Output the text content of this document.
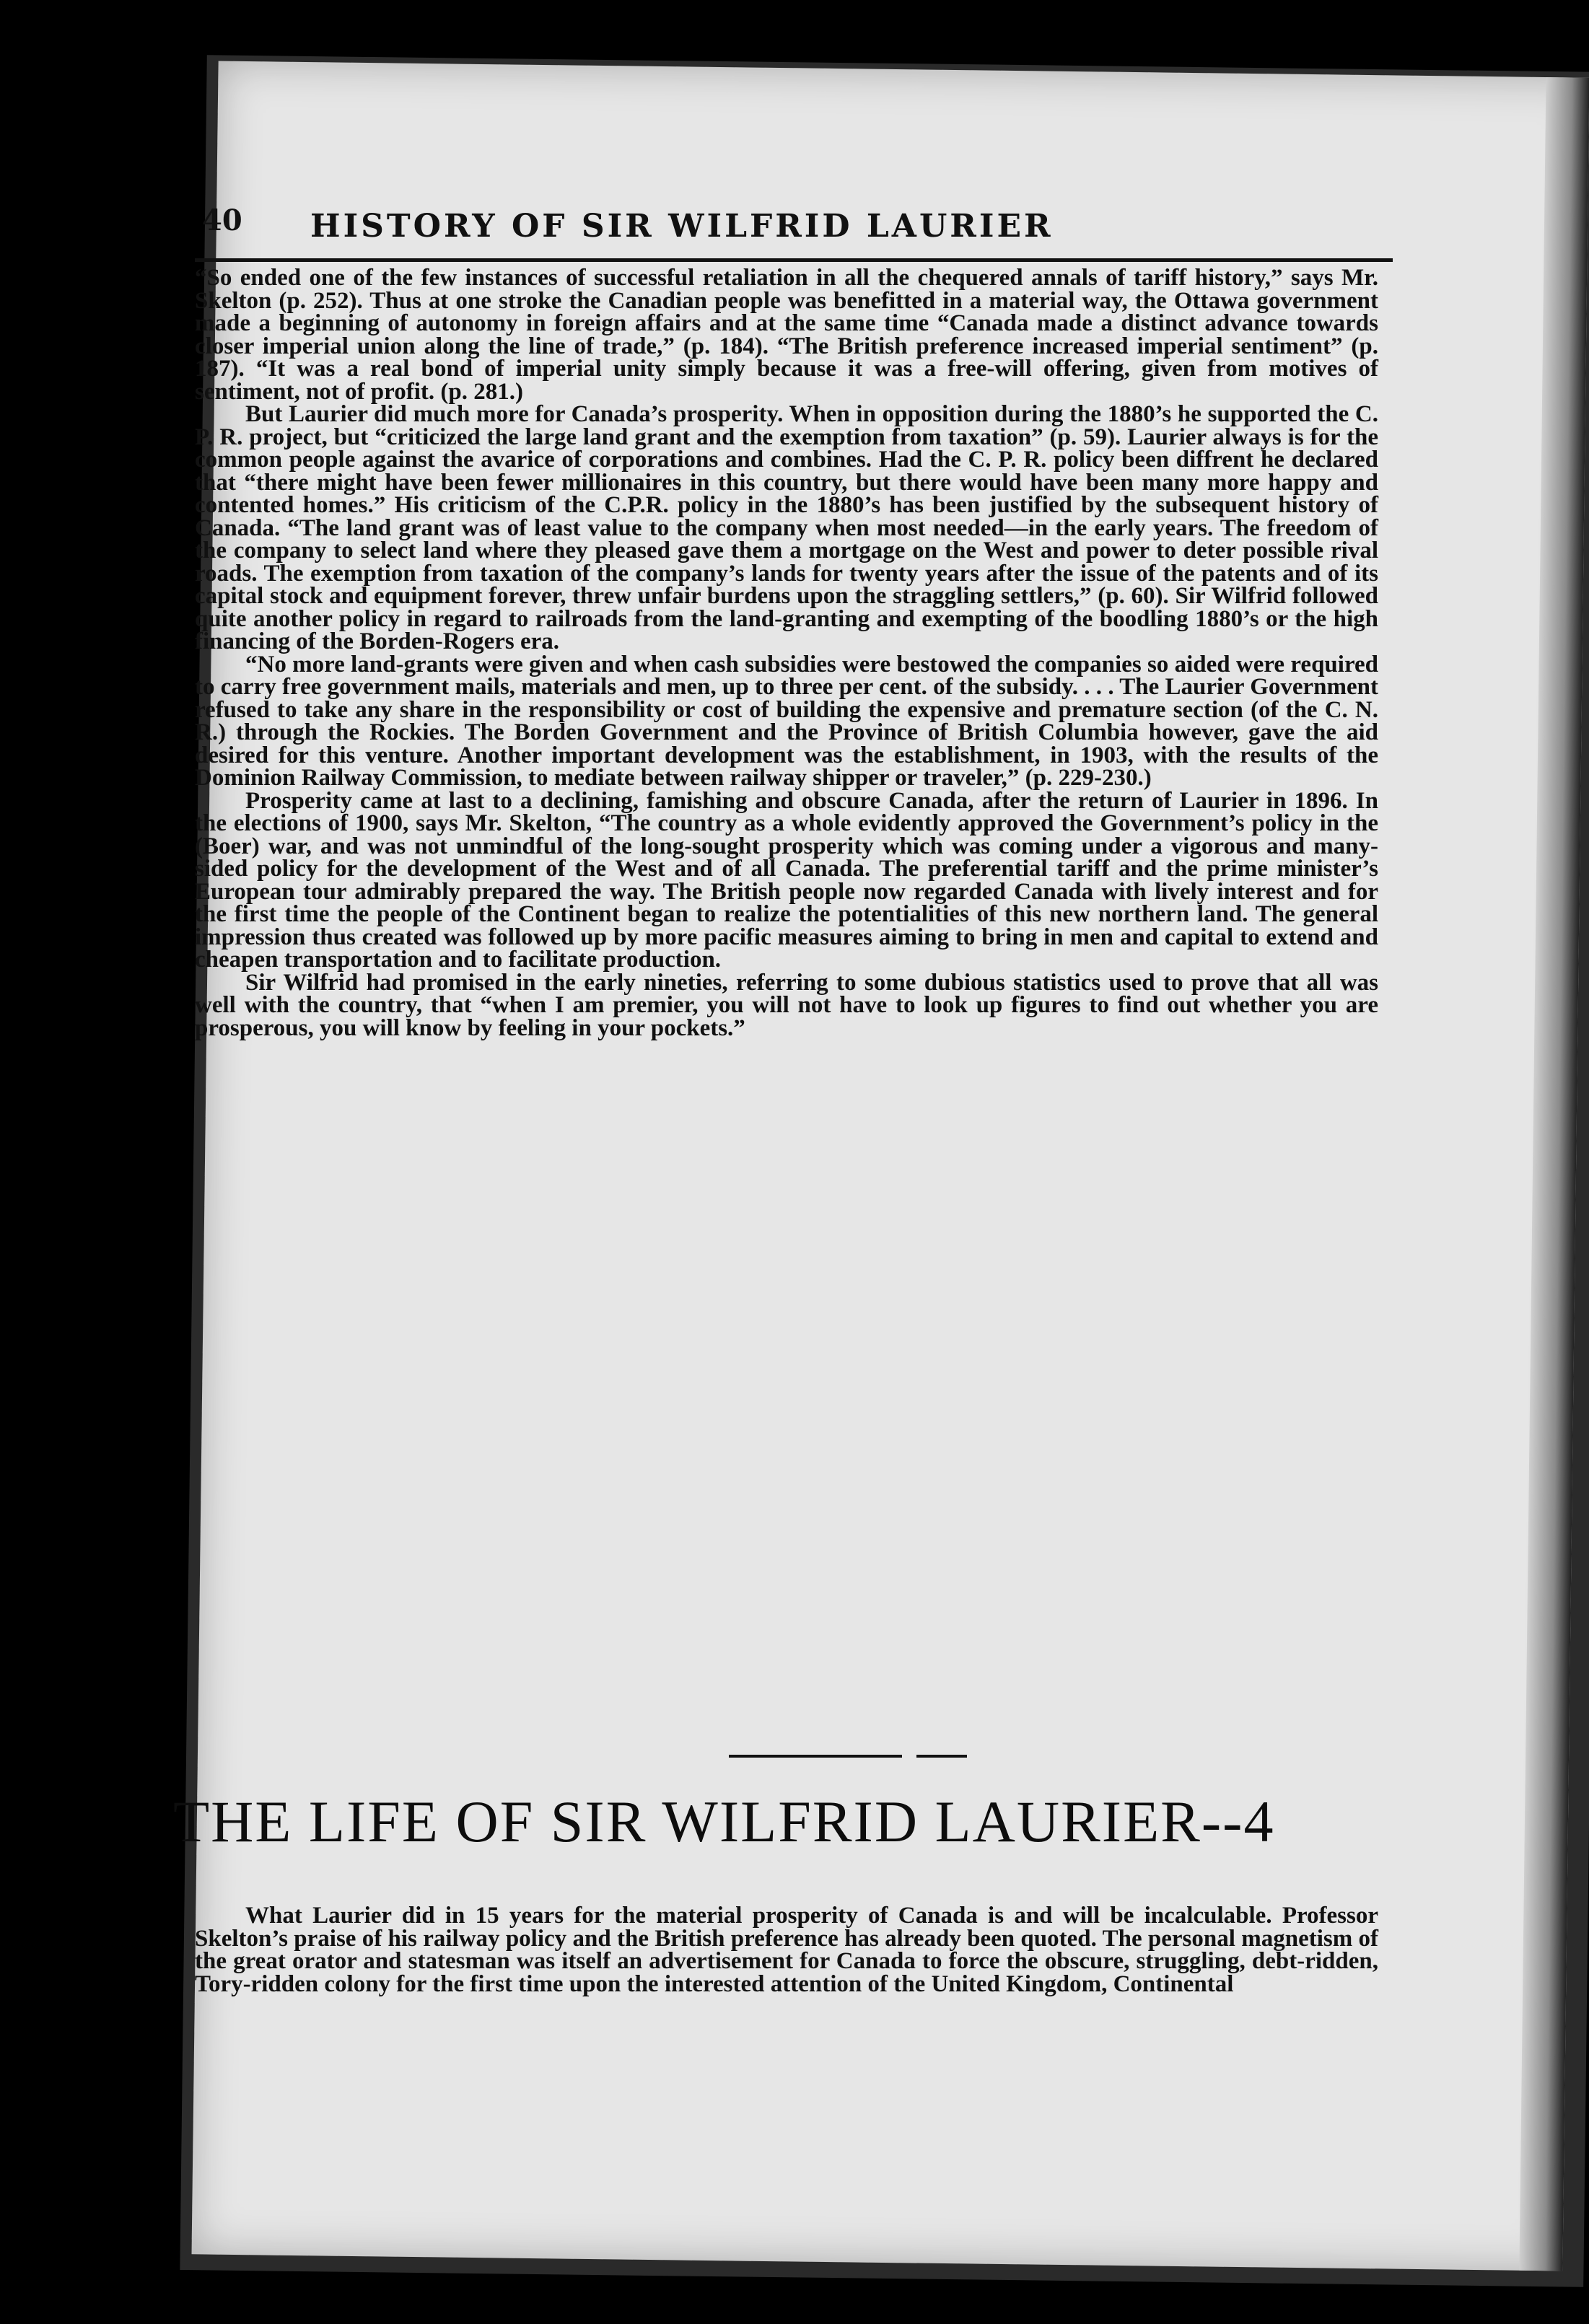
40 HISTORY OF SIR WILFRID LAURIER

“So ended one of the few instances of successful retaliation in all the chequered annals of tariff history,” says Mr. Skelton (p. 252). Thus at one stroke the Canadian people was benefitted in a material way, the Ottawa government made a beginning of autonomy in foreign affairs and at the same time “Canada made a distinct advance towards closer imperial union along the line of trade,” (p. 184). “The British preference increased imperial sentiment” (p. 187). “It was a real bond of imperial unity simply because it was a free-will offering, given from motives of sentiment, not of profit. (p. 281.)

But Laurier did much more for Canada’s prosperity. When in opposition during the 1880’s he supported the C. P. R. project, but “criticized the large land grant and the exemption from taxation” (p. 59). Laurier always is for the common people against the avarice of corporations and combines. Had the C. P. R. policy been diffrent he declared that “there might have been fewer millionaires in this country, but there would have been many more happy and contented homes.” His criticism of the C.P.R. policy in the 1880’s has been justified by the subsequent history of Canada. “The land grant was of least value to the company when most needed—in the early years. The freedom of the company to select land where they pleased gave them a mortgage on the West and power to deter possible rival roads. The exemption from taxation of the company’s lands for twenty years after the issue of the patents and of its capital stock and equipment forever, threw unfair burdens upon the straggling settlers,” (p. 60). Sir Wilfrid followed quite another policy in regard to railroads from the land-granting and exempting of the boodling 1880’s or the high financing of the Borden-Rogers era.

“No more land-grants were given and when cash subsidies were bestowed the companies so aided were required to carry free government mails, materials and men, up to three per cent. of the subsidy. . . . The Laurier Government refused to take any share in the responsibility or cost of building the expensive and premature section (of the C. N. R.) through the Rockies. The Borden Government and the Province of British Columbia however, gave the aid desired for this venture. Another important development was the establishment, in 1903, with the results of the Dominion Railway Commission, to mediate between railway shipper or traveler,” (p. 229-230.)

Prosperity came at last to a declining, famishing and obscure Canada, after the return of Laurier in 1896. In the elections of 1900, says Mr. Skelton, “The country as a whole evidently approved the Government’s policy in the (Boer) war, and was not unmindful of the long-sought prosperity which was coming under a vigorous and many-sided policy for the development of the West and of all Canada. The preferential tariff and the prime minister’s European tour admirably prepared the way. The British people now regarded Canada with lively interest and for the first time the people of the Continent began to realize the potentialities of this new northern land. The general impression thus created was followed up by more pacific measures aiming to bring in men and capital to extend and cheapen transportation and to facilitate production.

Sir Wilfrid had promised in the early nineties, referring to some dubious statistics used to prove that all was well with the country, that “when I am premier, you will not have to look up figures to find out whether you are prosperous, you will know by feeling in your pockets.”

THE LIFE OF SIR WILFRID LAURIER--4

What Laurier did in 15 years for the material prosperity of Canada is and will be incalculable. Professor Skelton’s praise of his railway policy and the British preference has already been quoted. The personal magnetism of the great orator and statesman was itself an advertisement for Canada to force the obscure, struggling, debt-ridden, Tory-ridden colony for the first time upon the interested attention of the United Kingdom, Continental
